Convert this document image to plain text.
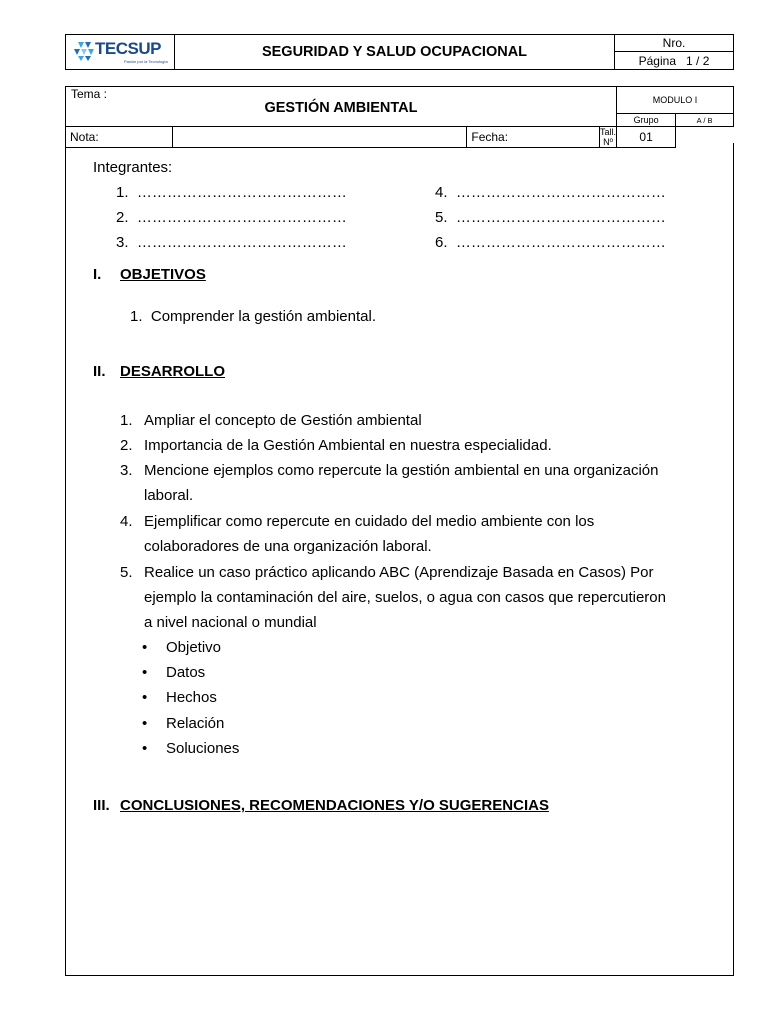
TECSUP
Pasión por la Tecnología
	SEGURIDAD Y SALUD OCUPACIONAL	Nro.
Página 1 / 2
Tema :
GESTIÓN AMBIENTAL				MODULO I	
				Grupo	A / B
Nota:		Fecha:	Tall. Nº	01	
Integrantes:
1. ……………………………………
2. ……………………………………
3. ……………………………………
4. ……………………………………
5. ……………………………………
6. ……………………………………
I. OBJETIVOS
1. Comprender la gestión ambiental.
II. DESARROLLO
1. Ampliar el concepto de Gestión ambiental
2. Importancia de la Gestión Ambiental en nuestra especialidad.
3. Mencione ejemplos como repercute la gestión ambiental en una organización
laboral.
4. Ejemplificar como repercute en cuidado del medio ambiente con los
colaboradores de una organización laboral.
5. Realice un caso práctico aplicando ABC (Aprendizaje Basada en Casos) Por
ejemplo la contaminación del aire, suelos, o agua con casos que repercutieron
a nivel nacional o mundial
• Objetivo
• Datos
• Hechos
• Relación
• Soluciones
III. CONCLUSIONES, RECOMENDACIONES Y/O SUGERENCIAS
